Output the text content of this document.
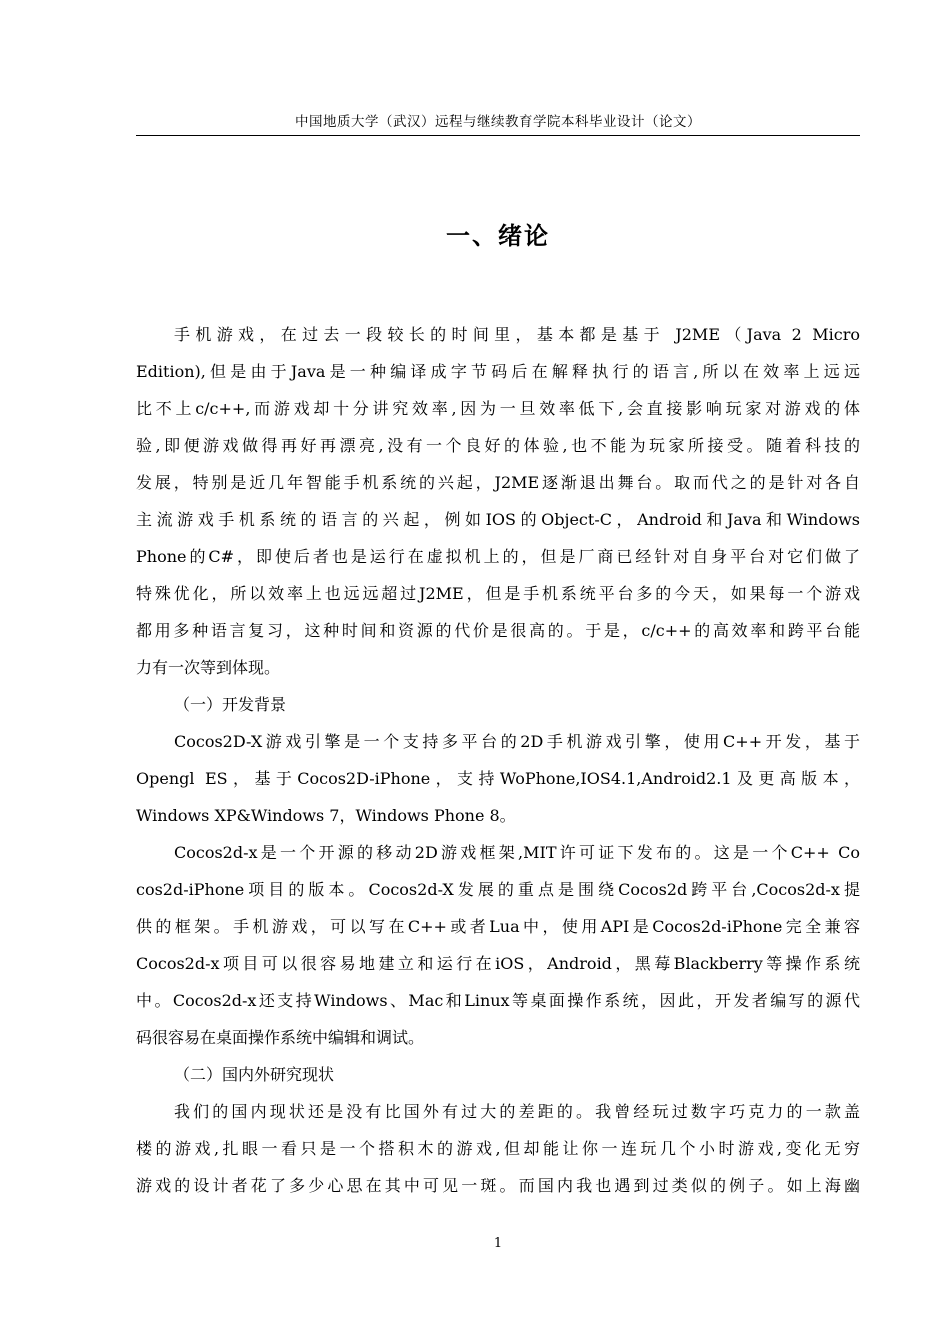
中国地质大学（武汉）远程与继续教育学院本科毕业设计（论文）
一、绪论
手机游戏，在过去一段较长的时间里，基本都是基于 J2ME（Java 2 Micro
Edition),但是由于Java是一种编译成字节码后在解释执行的语言,所以在效率上远远
比不上c/c++,而游戏却十分讲究效率,因为一旦效率低下,会直接影响玩家对游戏的体
验,即便游戏做得再好再漂亮,没有一个良好的体验,也不能为玩家所接受。随着科技的
发展，特别是近几年智能手机系统的兴起，J2ME逐渐退出舞台。取而代之的是针对各自
主流游戏手机系统的语言的兴起，例如IOS的Object-C，Android和Java和Windows
Phone的C#，即使后者也是运行在虚拟机上的，但是厂商已经针对自身平台对它们做了
特殊优化，所以效率上也远远超过J2ME，但是手机系统平台多的今天，如果每一个游戏
都用多种语言复习，这种时间和资源的代价是很高的。于是，c/c++的高效率和跨平台能
力有一次等到体现。
（一）开发背景
Cocos2D-X游戏引擎是一个支持多平台的2D手机游戏引擎，使用C++开发，基于
Opengl ES，基于Cocos2D-iPhone，支持WoPhone,IOS4.1,Android2.1及更高版本，
Windows XP&Windows 7，Windows Phone 8。
Cocos2d-x是一个开源的移动2D游戏框架,MIT许可证下发布的。这是一个C++ Co
cos2d-iPhone项目的版本。Cocos2d-X发展的重点是围绕Cocos2d跨平台,Cocos2d-x提
供的框架。手机游戏，可以写在C++或者Lua中，使用API是Cocos2d-iPhone完全兼容
Cocos2d-x项目可以很容易地建立和运行在iOS，Android，黑莓Blackberry等操作系统
中。Cocos2d-x还支持Windows、Mac和Linux等桌面操作系统，因此，开发者编写的源代
码很容易在桌面操作系统中编辑和调试。
（二）国内外研究现状
我们的国内现状还是没有比国外有过大的差距的。我曾经玩过数字巧克力的一款盖
楼的游戏,扎眼一看只是一个搭积木的游戏,但却能让你一连玩几个小时游戏,变化无穷
游戏的设计者花了多少心思在其中可见一斑。而国内我也遇到过类似的例子。如上海幽
1
